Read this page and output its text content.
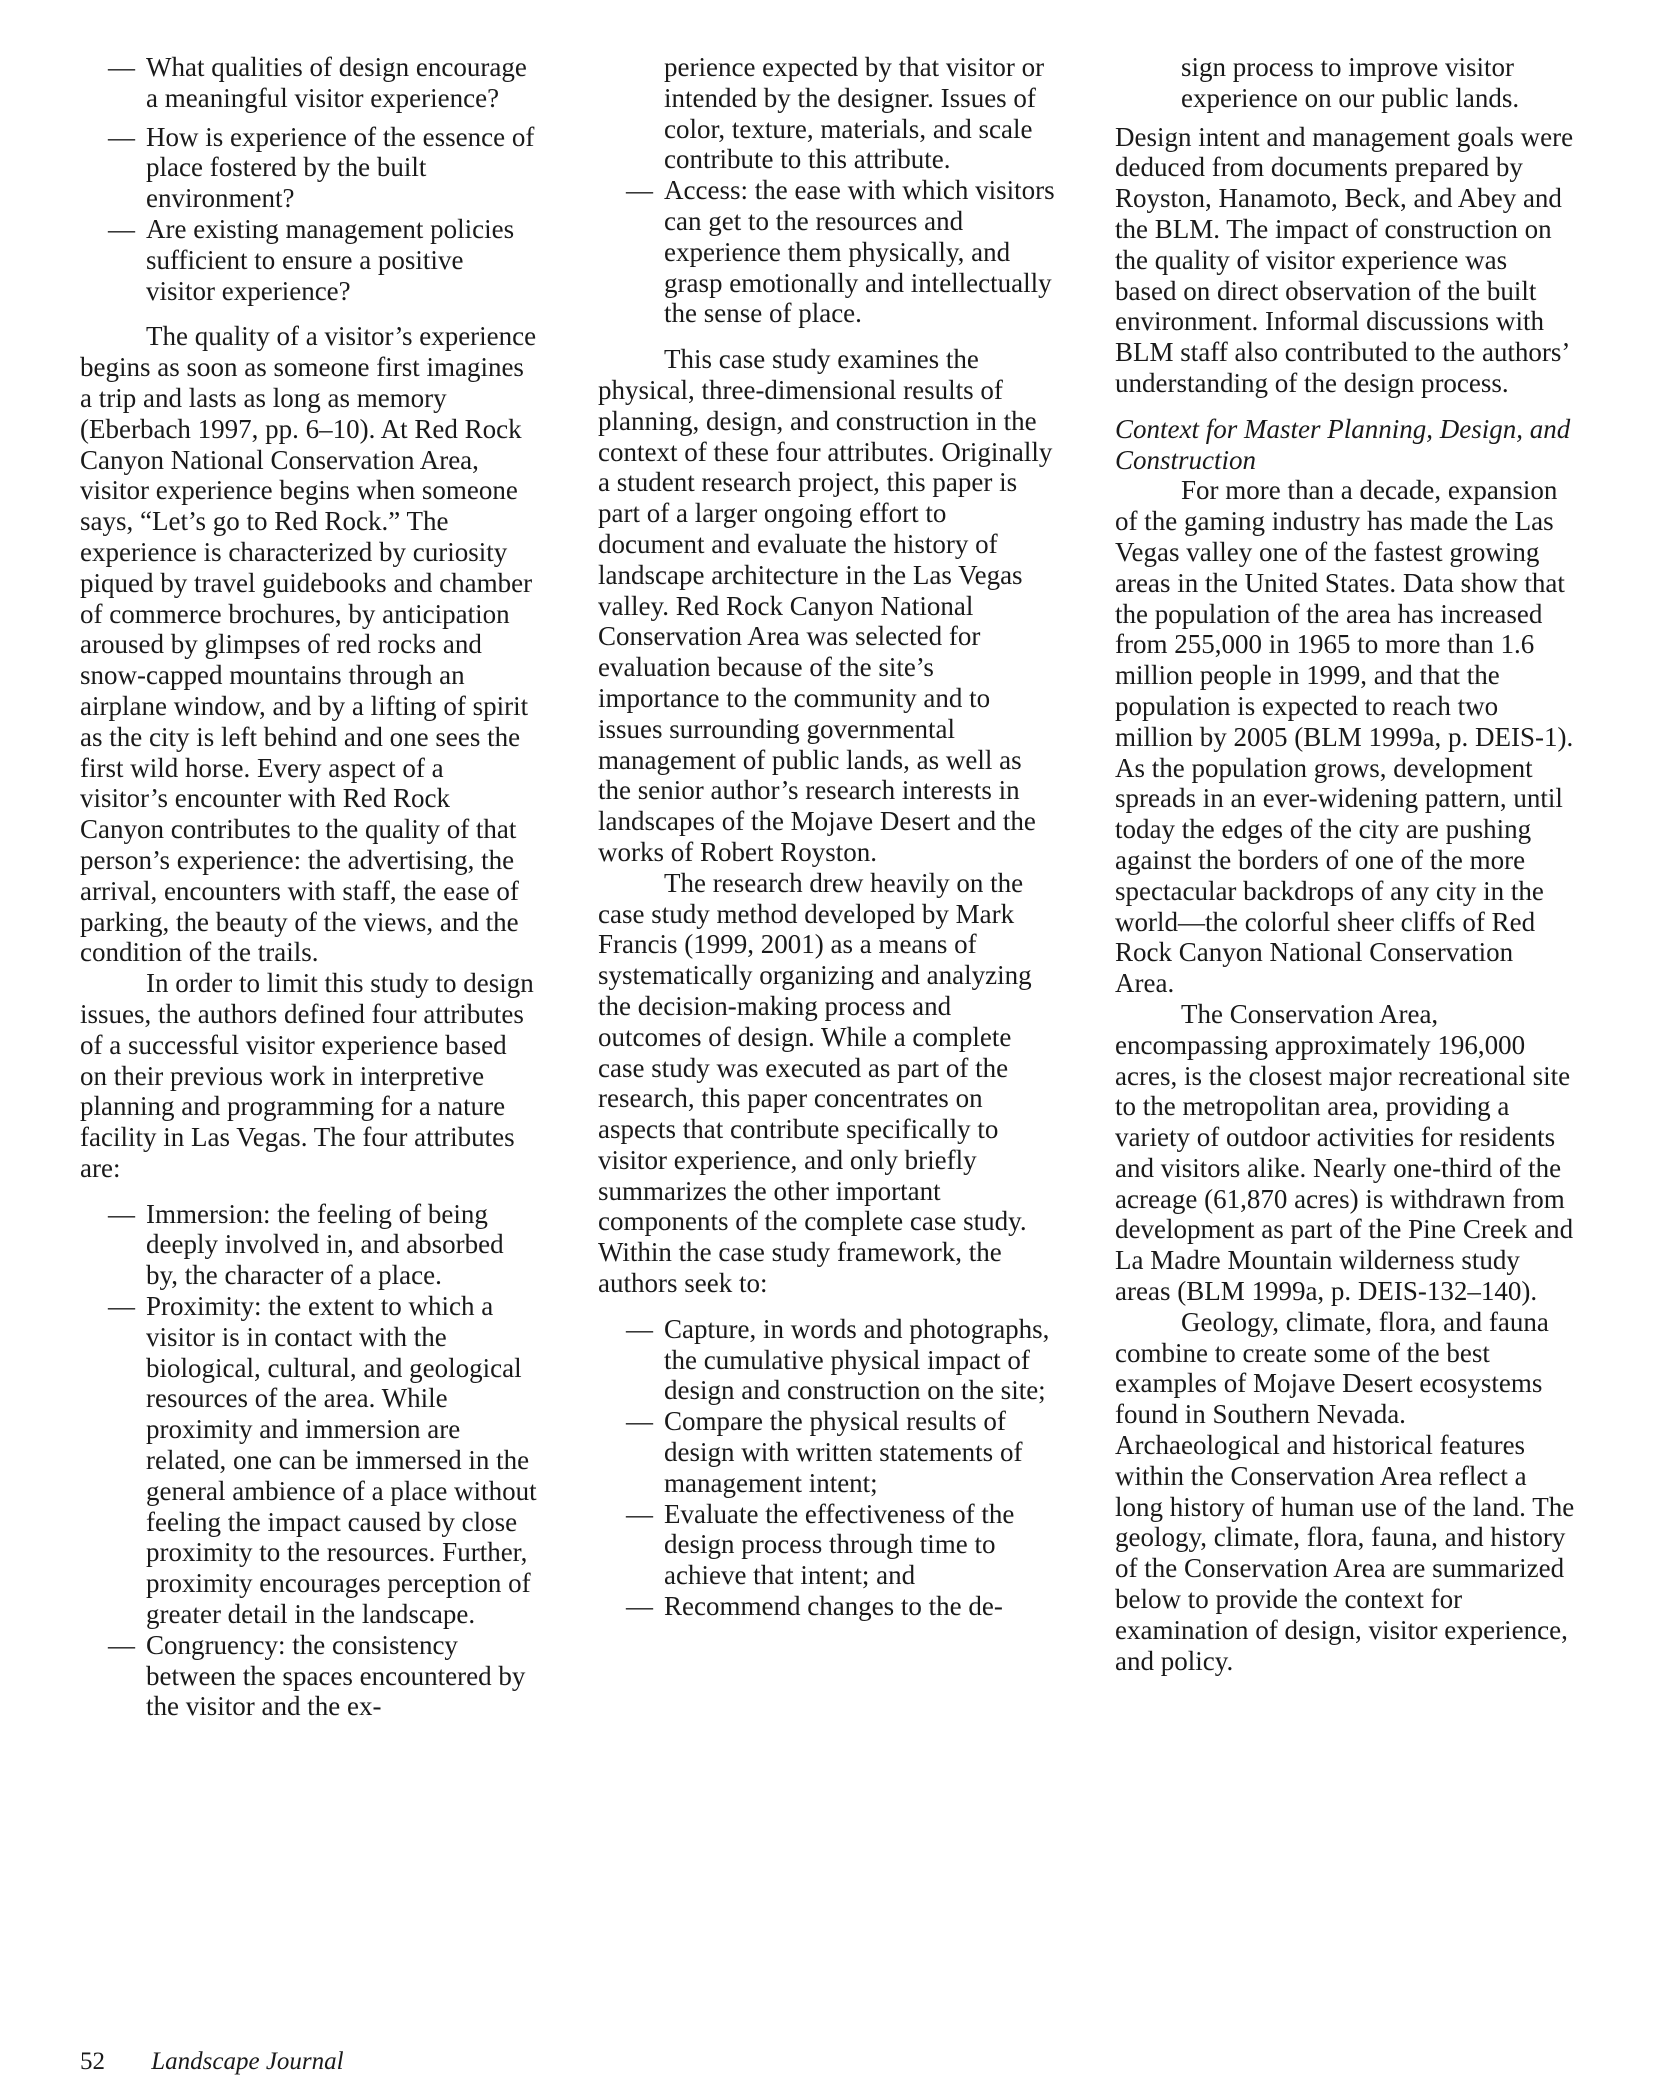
— What qualities of design encourage a meaningful visitor experience?
— How is experience of the essence of place fostered by the built environment?
— Are existing management policies sufficient to ensure a positive visitor experience?

The quality of a visitor’s experience begins as soon as someone first imagines a trip and lasts as long as memory (Eberbach 1997, pp. 6–10). At Red Rock Canyon National Conservation Area, visitor experience begins when someone says, “Let’s go to Red Rock.” The experience is characterized by curiosity piqued by travel guidebooks and chamber of commerce brochures, by anticipation aroused by glimpses of red rocks and snow-capped mountains through an airplane window, and by a lifting of spirit as the city is left behind and one sees the first wild horse. Every aspect of a visitor’s encounter with Red Rock Canyon contributes to the quality of that person’s experience: the advertising, the arrival, encounters with staff, the ease of parking, the beauty of the views, and the condition of the trails.

In order to limit this study to design issues, the authors defined four attributes of a successful visitor experience based on their previous work in interpretive planning and programming for a nature facility in Las Vegas. The four attributes are:

— Immersion: the feeling of being deeply involved in, and absorbed by, the character of a place.
— Proximity: the extent to which a visitor is in contact with the biological, cultural, and geological resources of the area. While proximity and immersion are related, one can be immersed in the general ambience of a place without feeling the impact caused by close proximity to the resources. Further, proximity encourages perception of greater detail in the landscape.
— Congruency: the consistency between the spaces encountered by the visitor and the ex-

perience expected by that visitor or intended by the designer. Issues of color, texture, materials, and scale contribute to this attribute.

— Access: the ease with which visitors can get to the resources and experience them physically, and grasp emotionally and intellectually the sense of place.

This case study examines the physical, three-dimensional results of planning, design, and construction in the context of these four attributes. Originally a student research project, this paper is part of a larger ongoing effort to document and evaluate the history of landscape architecture in the Las Vegas valley. Red Rock Canyon National Conservation Area was selected for evaluation because of the site’s importance to the community and to issues surrounding governmental management of public lands, as well as the senior author’s research interests in landscapes of the Mojave Desert and the works of Robert Royston.

The research drew heavily on the case study method developed by Mark Francis (1999, 2001) as a means of systematically organizing and analyzing the decision-making process and outcomes of design. While a complete case study was executed as part of the research, this paper concentrates on aspects that contribute specifically to visitor experience, and only briefly summarizes the other important components of the complete case study. Within the case study framework, the authors seek to:

— Capture, in words and photographs, the cumulative physical impact of design and construction on the site;
— Compare the physical results of design with written statements of management intent;
— Evaluate the effectiveness of the design process through time to achieve that intent; and
— Recommend changes to the de-

sign process to improve visitor experience on our public lands.

Design intent and management goals were deduced from documents prepared by Royston, Hanamoto, Beck, and Abey and the BLM. The impact of construction on the quality of visitor experience was based on direct observation of the built environment. Informal discussions with BLM staff also contributed to the authors’ understanding of the design process.

Context for Master Planning, Design, and Construction

For more than a decade, expansion of the gaming industry has made the Las Vegas valley one of the fastest growing areas in the United States. Data show that the population of the area has increased from 255,000 in 1965 to more than 1.6 million people in 1999, and that the population is expected to reach two million by 2005 (BLM 1999a, p. DEIS-1). As the population grows, development spreads in an ever-widening pattern, until today the edges of the city are pushing against the borders of one of the more spectacular backdrops of any city in the world—the colorful sheer cliffs of Red Rock Canyon National Conservation Area.

The Conservation Area, encompassing approximately 196,000 acres, is the closest major recreational site to the metropolitan area, providing a variety of outdoor activities for residents and visitors alike. Nearly one-third of the acreage (61,870 acres) is withdrawn from development as part of the Pine Creek and La Madre Mountain wilderness study areas (BLM 1999a, p. DEIS-132–140).

Geology, climate, flora, and fauna combine to create some of the best examples of Mojave Desert ecosystems found in Southern Nevada. Archaeological and historical features within the Conservation Area reflect a long history of human use of the land. The geology, climate, flora, fauna, and history of the Conservation Area are summarized below to provide the context for examination of design, visitor experience, and policy.

52 Landscape Journal
